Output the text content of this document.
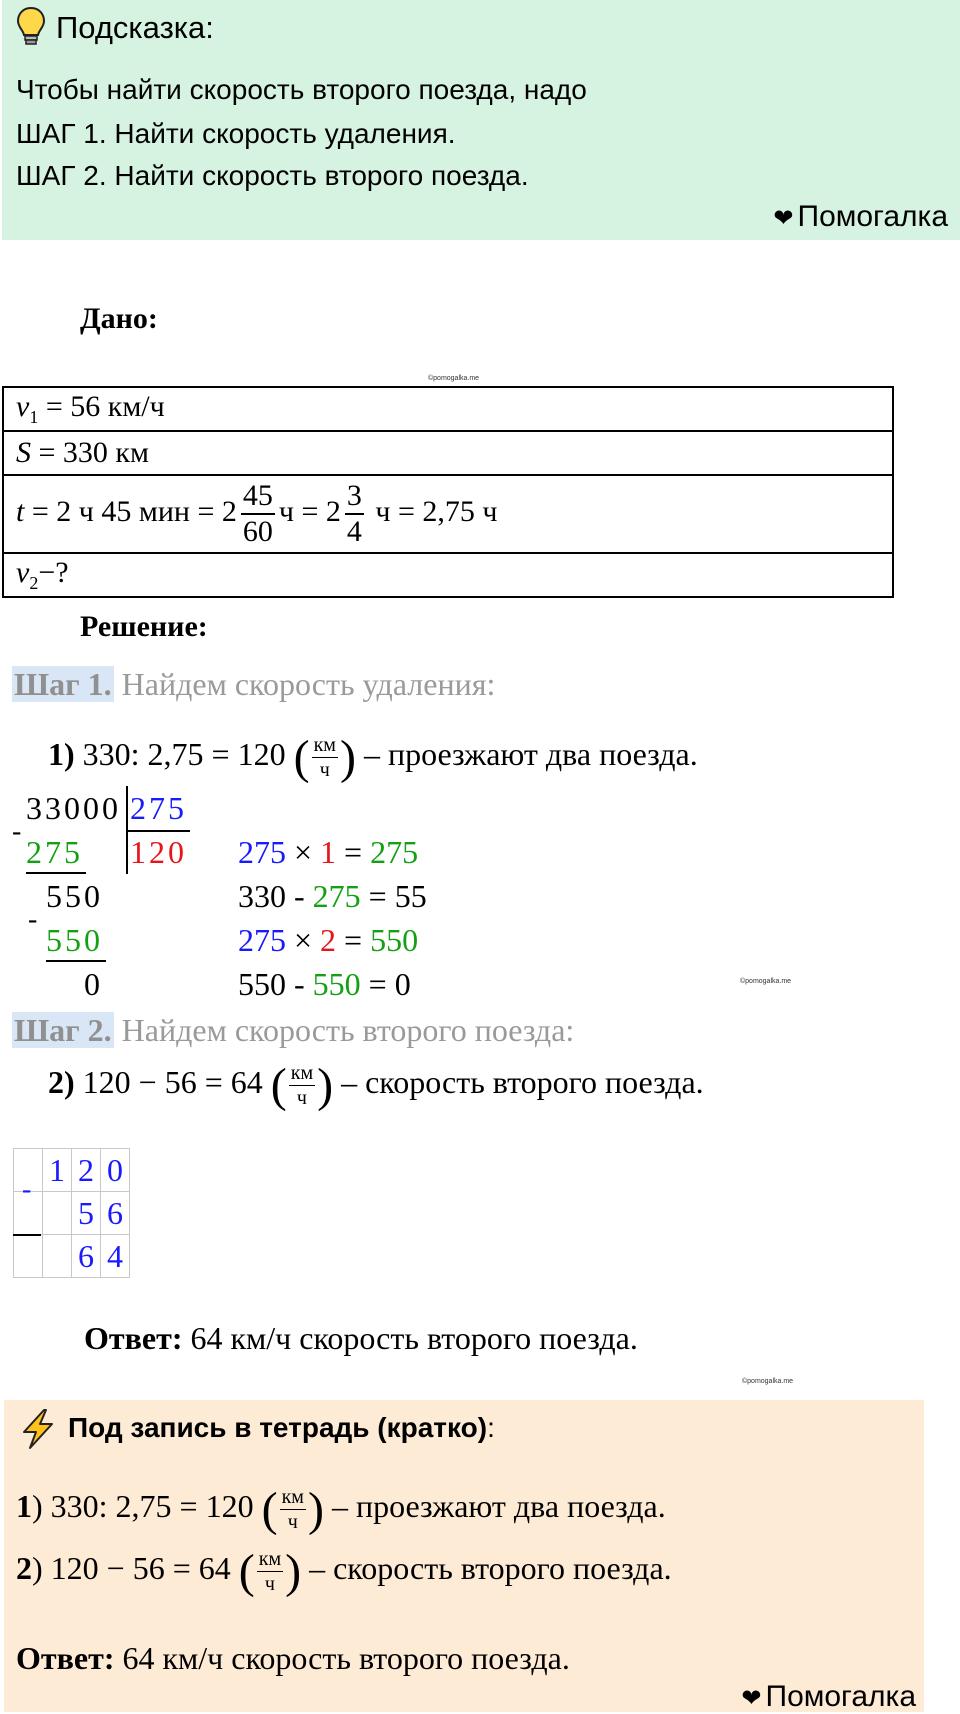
Подсказка:
Чтобы найти скорость второго поезда, надо
ШАГ 1. Найти скорость удаления.
ШАГ 2. Найти скорость второго поезда.
❤ Помогалка
Дано:
©pomogalka.me
$v_1 = 56$ км/ч
S = 330 км
t = 2 ч 45 мин = $2 \frac{45}{60}$ $ч = 2 \frac{3}{4}$ ч = 2,75 ч
$v_2-$?
Решение:
Шаг 1. Найдем скорость удаления:
1) 330: 2,75 = 120 ( км
ч ) – проезжают два поезда.
33000 275
120
-
275
550
-
550
0
275 × 1 = 275
330 - 275 = 55
275 × 2 = 550
550 - 550 = 0	©pomogalka.me
Шаг 2. Найдем скорость второго поезда:
2) 120 − 56 = 64 ( км
ч ) – скорость второго поезда.
	1	2	0
		5	6
		6	4
-
Ответ: 64 км/ч скорость второго поезда.
©pomogalka.me
Под запись в тетрадь (кратко):
1) 330: 2,75 = 120 ( км
ч ) – проезжают два поезда.
2) 120 − 56 = 64 ( км
ч ) – скорость второго поезда.
Ответ: 64 км/ч скорость второго поезда.
❤ Помогалка
